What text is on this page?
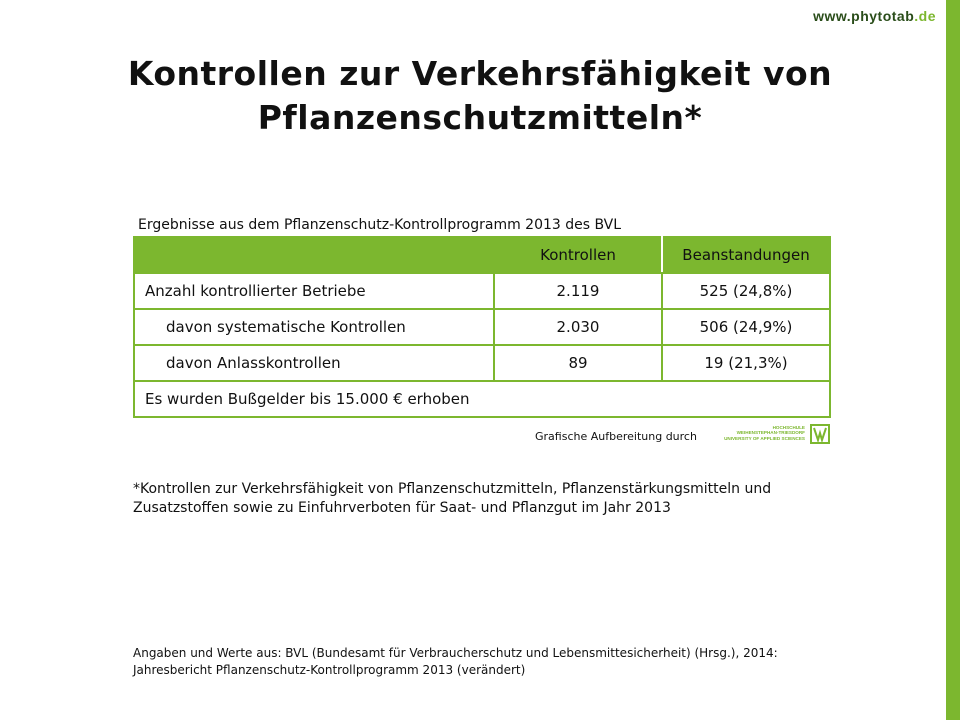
www.phytotab.de
Kontrollen zur Verkehrsfähigkeit von
Pflanzenschutzmitteln*
Ergebnisse aus dem Pflanzenschutz-Kontrollprogramm 2013 des BVL
	Kontrollen	Beanstandungen
Anzahl kontrollierter Betriebe	2.119	525 (24,8%)
davon systematische Kontrollen	2.030	506 (24,9%)
davon Anlasskontrollen	89	19 (21,3%)
Es wurden Bußgelder bis 15.000 € erhoben		
Grafische Aufbereitung durch
HOCHSCHULE
WEIHENSTEPHAN-TRIESDORF
UNIVERSITY OF APPLIED SCIENCES
*Kontrollen zur Verkehrsfähigkeit von Pflanzenschutzmitteln, Pflanzenstärkungsmitteln und Zusatzstoffen sowie zu Einfuhrverboten für Saat- und Pflanzgut im Jahr 2013
Angaben und Werte aus: BVL (Bundesamt für Verbraucherschutz und Lebensmittesicherheit) (Hrsg.), 2014:
Jahresbericht Pflanzenschutz-Kontrollprogramm 2013 (verändert)
